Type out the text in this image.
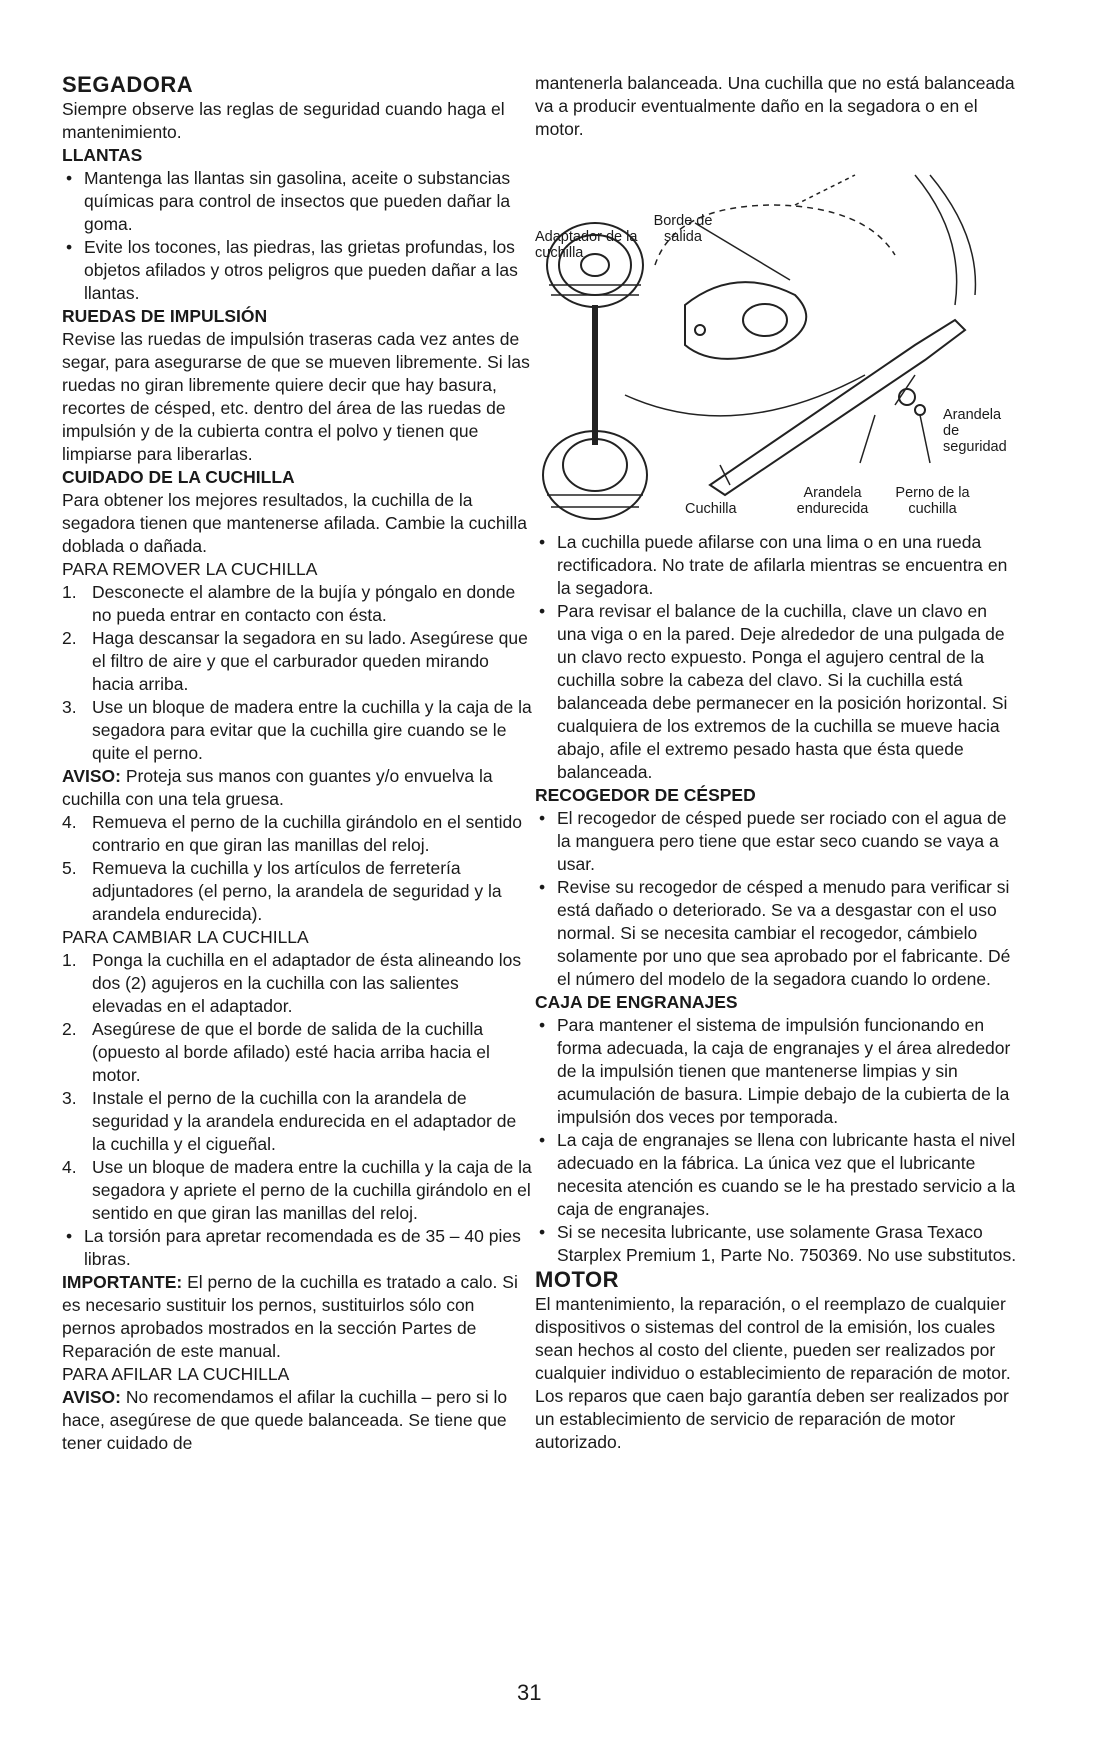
SEGADORA

Siempre observe las reglas de seguridad cuando haga el mantenimiento.

LLANTAS
• Mantenga las llantas sin gasolina, aceite o substancias químicas para control de insectos que pueden dañar la goma.
• Evite los tocones, las piedras, las grietas profundas, los objetos afilados y otros peligros que pueden dañar a las llantas.
RUEDAS DE IMPULSIÓN

Revise las ruedas de impulsión traseras cada vez antes de segar, para asegurarse de que se mueven libremente. Si las ruedas no giran libremente quiere decir que hay basura, recortes de césped, etc. dentro del área de las ruedas de impulsión y de la cubierta contra el polvo y tienen que limpiarse para liberarlas.

CUIDADO DE LA CUCHILLA

Para obtener los mejores resultados, la cuchilla de la segadora tienen que mantenerse afilada. Cambie la cuchilla doblada o dañada.

PARA REMOVER LA CUCHILLA

1. Desconecte el alambre de la bujía y póngalo en donde no pueda entrar en contacto con ésta.
2. Haga descansar la segadora en su lado. Asegúrese que el filtro de aire y que el carburador queden mirando hacia arriba.
3. Use un bloque de madera entre la cuchilla y la caja de la segadora para evitar que la cuchilla gire cuando se le quite el perno.

AVISO: Proteja sus manos con guantes y/o envuelva la cuchilla con una tela gruesa.

4. Remueva el perno de la cuchilla girándolo en el sentido contrario en que giran las manillas del reloj.
5. Remueva la cuchilla y los artículos de ferretería adjuntadores (el perno, la arandela de seguridad y la arandela endurecida).

PARA CAMBIAR LA CUCHILLA

1. Ponga la cuchilla en el adaptador de ésta alineando los dos (2) agujeros en la cuchilla con las salientes elevadas en el adaptador.
2. Asegúrese de que el borde de salida de la cuchilla (opuesto al borde afilado) esté hacia arriba hacia el motor.
3. Instale el perno de la cuchilla con la arandela de seguridad y la arandela endurecida en el adaptador de la cuchilla y el cigueñal.
4. Use un bloque de madera entre la cuchilla y la caja de la segadora y apriete el perno de la cuchilla girándolo en el sentido en que giran las manillas del reloj.
• La torsión para apretar recomendada es de 35 – 40 pies libras.

IMPORTANTE: El perno de la cuchilla es tratado a calo. Si es necesario sustituir los pernos, sustituirlos sólo con pernos aprobados mostrados en la sección Partes de Reparación de este manual.

PARA AFILAR LA CUCHILLA

AVISO: No recomendamos el afilar la cuchilla – pero si lo hace, asegúrese de que quede balanceada. Se tiene que tener cuidado de

mantenerla balanceada. Una cuchilla que no está balanceada va a producir eventualmente daño en la segadora o en el motor.

Adaptador de la cuchilla
Borde de salida
Arandela de seguridad
Cuchilla
Arandela endurecida
Perno de la cuchilla
• La cuchilla puede afilarse con una lima o en una rueda rectificadora. No trate de afilarla mientras se encuentra en la segadora.
• Para revisar el balance de la cuchilla, clave un clavo en una viga o en la pared. Deje alrededor de una pulgada de un clavo recto expuesto. Ponga el agujero central de la cuchilla sobre la cabeza del clavo. Si la cuchilla está balanceada debe permanecer en la posición horizontal. Si cualquiera de los extremos de la cuchilla se mueve hacia abajo, afile el extremo pesado hasta que ésta quede balanceada.
RECOGEDOR DE CÉSPED
• El recogedor de césped puede ser rociado con el agua de la manguera pero tiene que estar seco cuando se vaya a usar.
• Revise su recogedor de césped a menudo para verificar si está dañado o deteriorado. Se va a desgastar con el uso normal. Si se necesita cambiar el recogedor, cámbielo solamente por uno que sea aprobado por el fabricante. Dé el número del modelo de la segadora cuando lo ordene.
CAJA DE ENGRANAJES
• Para mantener el sistema de impulsión funcionando en forma adecuada, la caja de engranajes y el área alrededor de la impulsión tienen que mantenerse limpias y sin acumulación de basura. Limpie debajo de la cubierta de la impulsión dos veces por temporada.
• La caja de engranajes se llena con lubricante hasta el nivel adecuado en la fábrica. La única vez que el lubricante necesita atención es cuando se le ha prestado servicio a la caja de engranajes.
• Si se necesita lubricante, use solamente Grasa Texaco Starplex Premium 1, Parte No. 750369. No use substitutos.
MOTOR

El mantenimiento, la reparación, o el reemplazo de cualquier dispositivos o sistemas del control de la emisión, los cuales sean hechos al costo del cliente, pueden ser realizados por cualquier individuo o establecimiento de reparación de motor. Los reparos que caen bajo garantía deben ser realizados por un establecimiento de servicio de reparación de motor autorizado.

31
